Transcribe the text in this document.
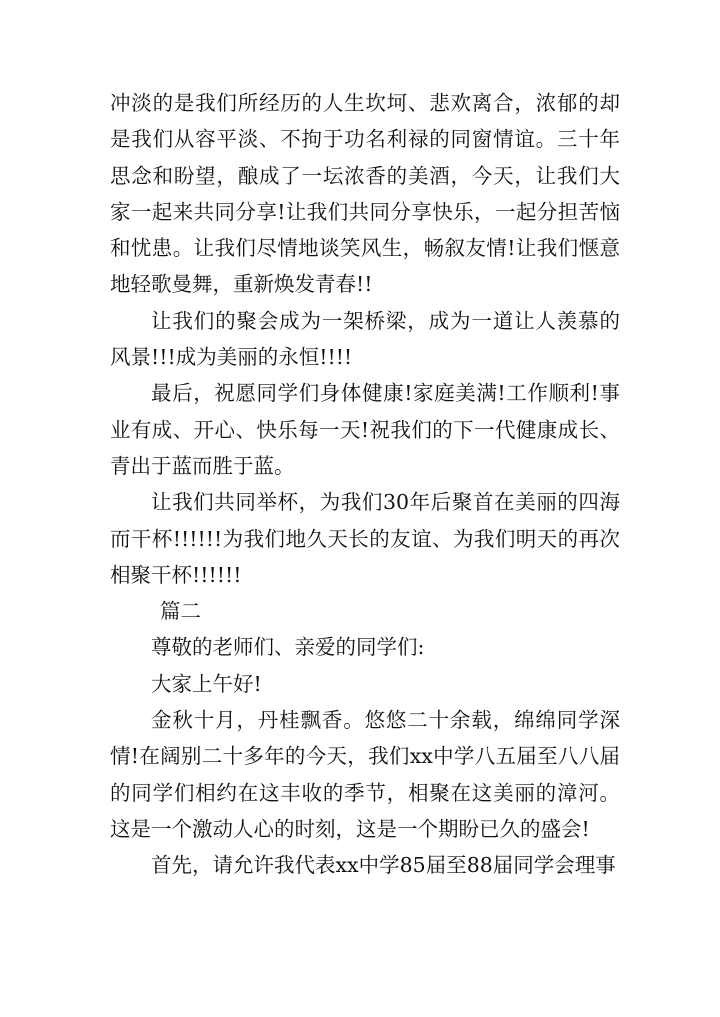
冲淡的是我们所经历的人生坎坷、悲欢离合，浓郁的却是我们从容平淡、不拘于功名利禄的同窗情谊。三十年思念和盼望，酿成了一坛浓香的美酒，今天，让我们大家一起来共同分享!让我们共同分享快乐，一起分担苦恼和忧患。让我们尽情地谈笑风生，畅叙友情!让我们惬意地轻歌曼舞，重新焕发青春!!

让我们的聚会成为一架桥梁，成为一道让人羡慕的风景!!!成为美丽的永恒!!!!

最后，祝愿同学们身体健康!家庭美满!工作顺利!事业有成、开心、快乐每一天!祝我们的下一代健康成长、青出于蓝而胜于蓝。

让我们共同举杯，为我们30年后聚首在美丽的四海而干杯!!!!!!为我们地久天长的友谊、为我们明天的再次相聚干杯!!!!!!

篇二

尊敬的老师们、亲爱的同学们:

大家上午好!

金秋十月，丹桂飘香。悠悠二十余载，绵绵同学深情!在阔别二十多年的今天，我们xx中学八五届至八八届的同学们相约在这丰收的季节，相聚在这美丽的漳河。这是一个激动人心的时刻，这是一个期盼已久的盛会!

首先，请允许我代表xx中学85届至88届同学会理事
